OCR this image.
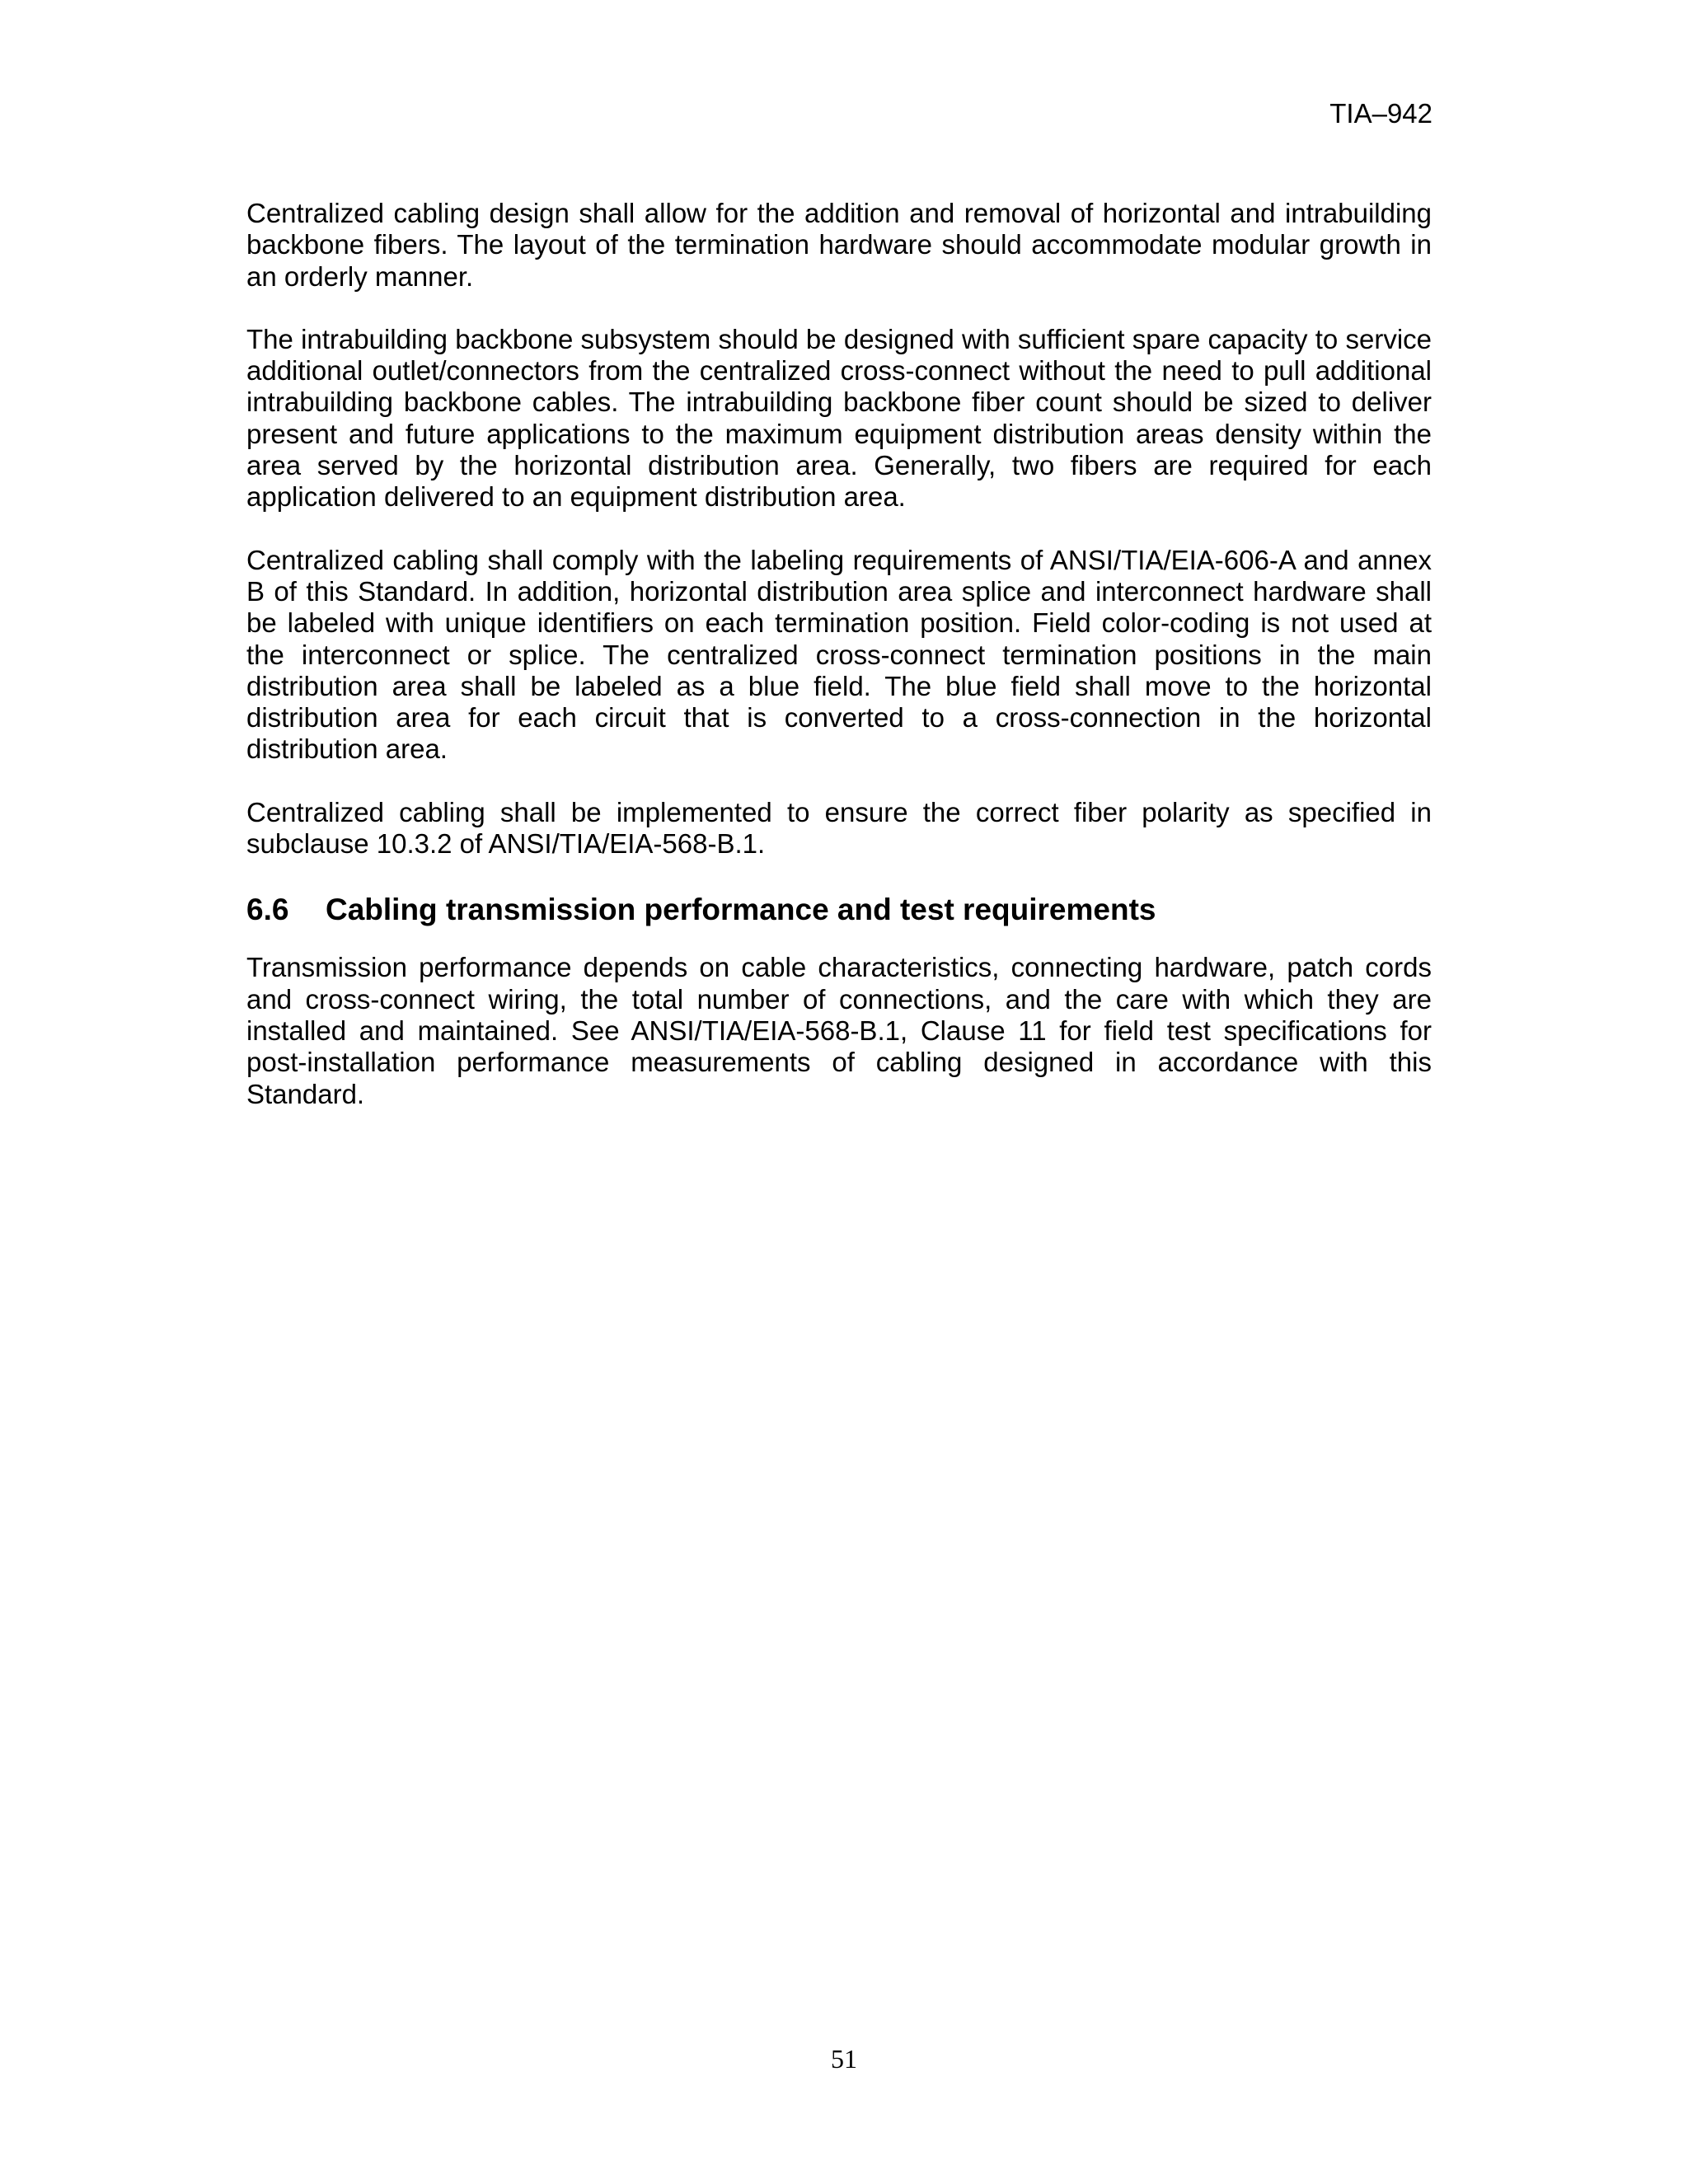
TIA–942

Centralized cabling design shall allow for the addition and removal of horizontal and intrabuilding backbone fibers. The layout of the termination hardware should accommodate modular growth in an orderly manner.

The intrabuilding backbone subsystem should be designed with sufficient spare capacity to service additional outlet/connectors from the centralized cross-connect without the need to pull additional intrabuilding backbone cables. The intrabuilding backbone fiber count should be sized to deliver present and future applications to the maximum equipment distribution areas density within the area served by the horizontal distribution area. Generally, two fibers are required for each application delivered to an equipment distribution area.

Centralized cabling shall comply with the labeling requirements of ANSI/TIA/EIA-606-A and annex B of this Standard. In addition, horizontal distribution area splice and interconnect hardware shall be labeled with unique identifiers on each termination position. Field color-coding is not used at the interconnect or splice. The centralized cross-connect termination positions in the main distribution area shall be labeled as a blue field. The blue field shall move to the horizontal distribution area for each circuit that is converted to a cross-connection in the horizontal distribution area.

Centralized cabling shall be implemented to ensure the correct fiber polarity as specified in subclause 10.3.2 of ANSI/TIA/EIA-568-B.1.

6.6 Cabling transmission performance and test requirements

Transmission performance depends on cable characteristics, connecting hardware, patch cords and cross-connect wiring, the total number of connections, and the care with which they are installed and maintained. See ANSI/TIA/EIA-568-B.1, Clause 11 for field test specifications for post-installation performance measurements of cabling designed in accordance with this Standard.

51
